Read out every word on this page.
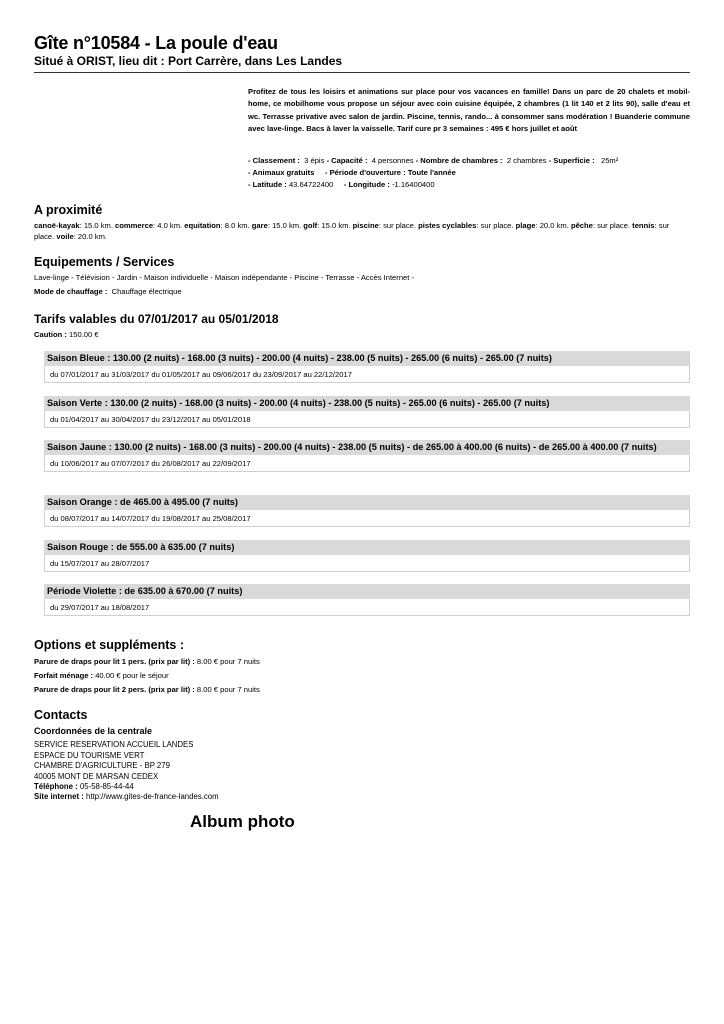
Gîte n°10584 - La poule d'eau
Situé à ORIST, lieu dit : Port Carrère, dans Les Landes
Profitez de tous les loisirs et animations sur place pour vos vacances en famille! Dans un parc de 20 chalets et mobil-home, ce mobilhome vous propose un séjour avec coin cuisine équipée, 2 chambres (1 lit 140 et 2 lits 90), salle d'eau et wc. Terrasse privative avec salon de jardin. Piscine, tennis, rando... à consommer sans modération ! Buanderie commune avec lave-linge. Bacs à laver la vaisselle. Tarif cure pr 3 semaines : 495 € hors juillet et août
- Classement : 3 épis - Capacité : 4 personnes - Nombre de chambres : 2 chambres - Superficie : 25m²
- Animaux gratuits - Période d'ouverture : Toute l'année
- Latitude : 43.64722400 - Longitude : -1.16400400
A proximité
canoë-kayak: 15.0 km. commerce: 4.0 km. equitation: 8.0 km. gare: 15.0 km. golf: 15.0 km. piscine: sur place. pistes cyclables: sur place. plage: 20.0 km. pêche: sur place. tennis: sur place. voile: 20.0 km.
Equipements / Services
Lave-linge - Télévision - Jardin - Maison individuelle - Maison indépendante - Piscine - Terrasse - Accès Internet -
Mode de chauffage : Chauffage électrique
Tarifs valables du 07/01/2017 au 05/01/2018
Caution : 150.00 €
Saison Bleue : 130.00 (2 nuits) - 168.00 (3 nuits) - 200.00 (4 nuits) - 238.00 (5 nuits) - 265.00 (6 nuits) - 265.00 (7 nuits)
du 07/01/2017 au 31/03/2017 du 01/05/2017 au 09/06/2017 du 23/09/2017 au 22/12/2017
Saison Verte : 130.00 (2 nuits) - 168.00 (3 nuits) - 200.00 (4 nuits) - 238.00 (5 nuits) - 265.00 (6 nuits) - 265.00 (7 nuits)
du 01/04/2017 au 30/04/2017 du 23/12/2017 au 05/01/2018
Saison Jaune : 130.00 (2 nuits) - 168.00 (3 nuits) - 200.00 (4 nuits) - 238.00 (5 nuits) - de 265.00 à 400.00 (6 nuits) - de 265.00 à 400.00 (7 nuits)
du 10/06/2017 au 07/07/2017 du 26/08/2017 au 22/09/2017
Saison Orange : de 465.00 à 495.00 (7 nuits)
du 08/07/2017 au 14/07/2017 du 19/08/2017 au 25/08/2017
Saison Rouge : de 555.00 à 635.00 (7 nuits)
du 15/07/2017 au 28/07/2017
Période Violette : de 635.00 à 670.00 (7 nuits)
du 29/07/2017 au 18/08/2017
Options et suppléments :
Parure de draps pour lit 1 pers. (prix par lit) : 8.00 € pour 7 nuits
Forfait ménage : 40.00 € pour le séjour
Parure de draps pour lit 2 pers. (prix par lit) : 8.00 € pour 7 nuits
Contacts
Coordonnées de la centrale
SERVICE RESERVATION ACCUEIL LANDES
ESPACE DU TOURISME VERT
CHAMBRE D'AGRICULTURE - BP 279
40005 MONT DE MARSAN CEDEX
Téléphone : 05-58-85-44-44
Site internet : http://www.gites-de-france-landes.com
Album photo
